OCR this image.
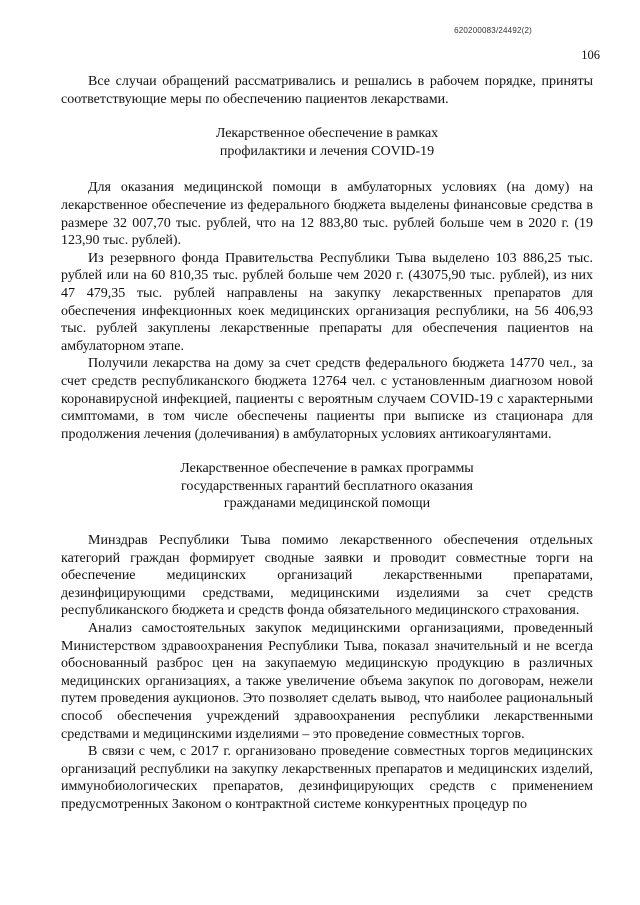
620200083/24492(2)
106

Все случаи обращений рассматривались и решались в рабочем порядке, приняты соответствующие меры по обеспечению пациентов лекарствами.

Лекарственное обеспечение в рамках
профилактики и лечения COVID-19

Для оказания медицинской помощи в амбулаторных условиях (на дому) на лекарственное обеспечение из федерального бюджета выделены финансовые средства в размере 32 007,70 тыс. рублей, что на 12 883,80 тыс. рублей больше чем в 2020 г. (19 123,90 тыс. рублей).

Из резервного фонда Правительства Республики Тыва выделено 103 886,25 тыс. рублей или на 60 810,35 тыс. рублей больше чем 2020 г. (43075,90 тыс. рублей), из них 47 479,35 тыс. рублей направлены на закупку лекарственных препаратов для обеспечения инфекционных коек медицинских организация республики, на 56 406,93 тыс. рублей закуплены лекарственные препараты для обеспечения пациентов на амбулаторном этапе.

Получили лекарства на дому за счет средств федерального бюджета 14770 чел., за счет средств республиканского бюджета 12764 чел. с установленным диагнозом новой коронавирусной инфекцией, пациенты с вероятным случаем COVID-19 с характерными симптомами, в том числе обеспечены пациенты при выписке из стационара для продолжения лечения (долечивания) в амбулаторных условиях антикоагулянтами.

Лекарственное обеспечение в рамках программы
государственных гарантий бесплатного оказания
гражданами медицинской помощи

Минздрав Республики Тыва помимо лекарственного обеспечения отдельных категорий граждан формирует сводные заявки и проводит совместные торги на обеспечение медицинских организаций лекарственными препаратами, дезинфицирующими средствами, медицинскими изделиями за счет средств республиканского бюджета и средств фонда обязательного медицинского страхования.

Анализ самостоятельных закупок медицинскими организациями, проведенный Министерством здравоохранения Республики Тыва, показал значительный и не всегда обоснованный разброс цен на закупаемую медицинскую продукцию в различных медицинских организациях, а также увеличение объема закупок по договорам, нежели путем проведения аукционов. Это позволяет сделать вывод, что наиболее рациональный способ обеспечения учреждений здравоохранения республики лекарственными средствами и медицинскими изделиями – это проведение совместных торгов.

В связи с чем, с 2017 г. организовано проведение совместных торгов медицинских организаций республики на закупку лекарственных препаратов и медицинских изделий, иммунобиологических препаратов, дезинфицирующих средств с применением предусмотренных Законом о контрактной системе конкурентных процедур по
